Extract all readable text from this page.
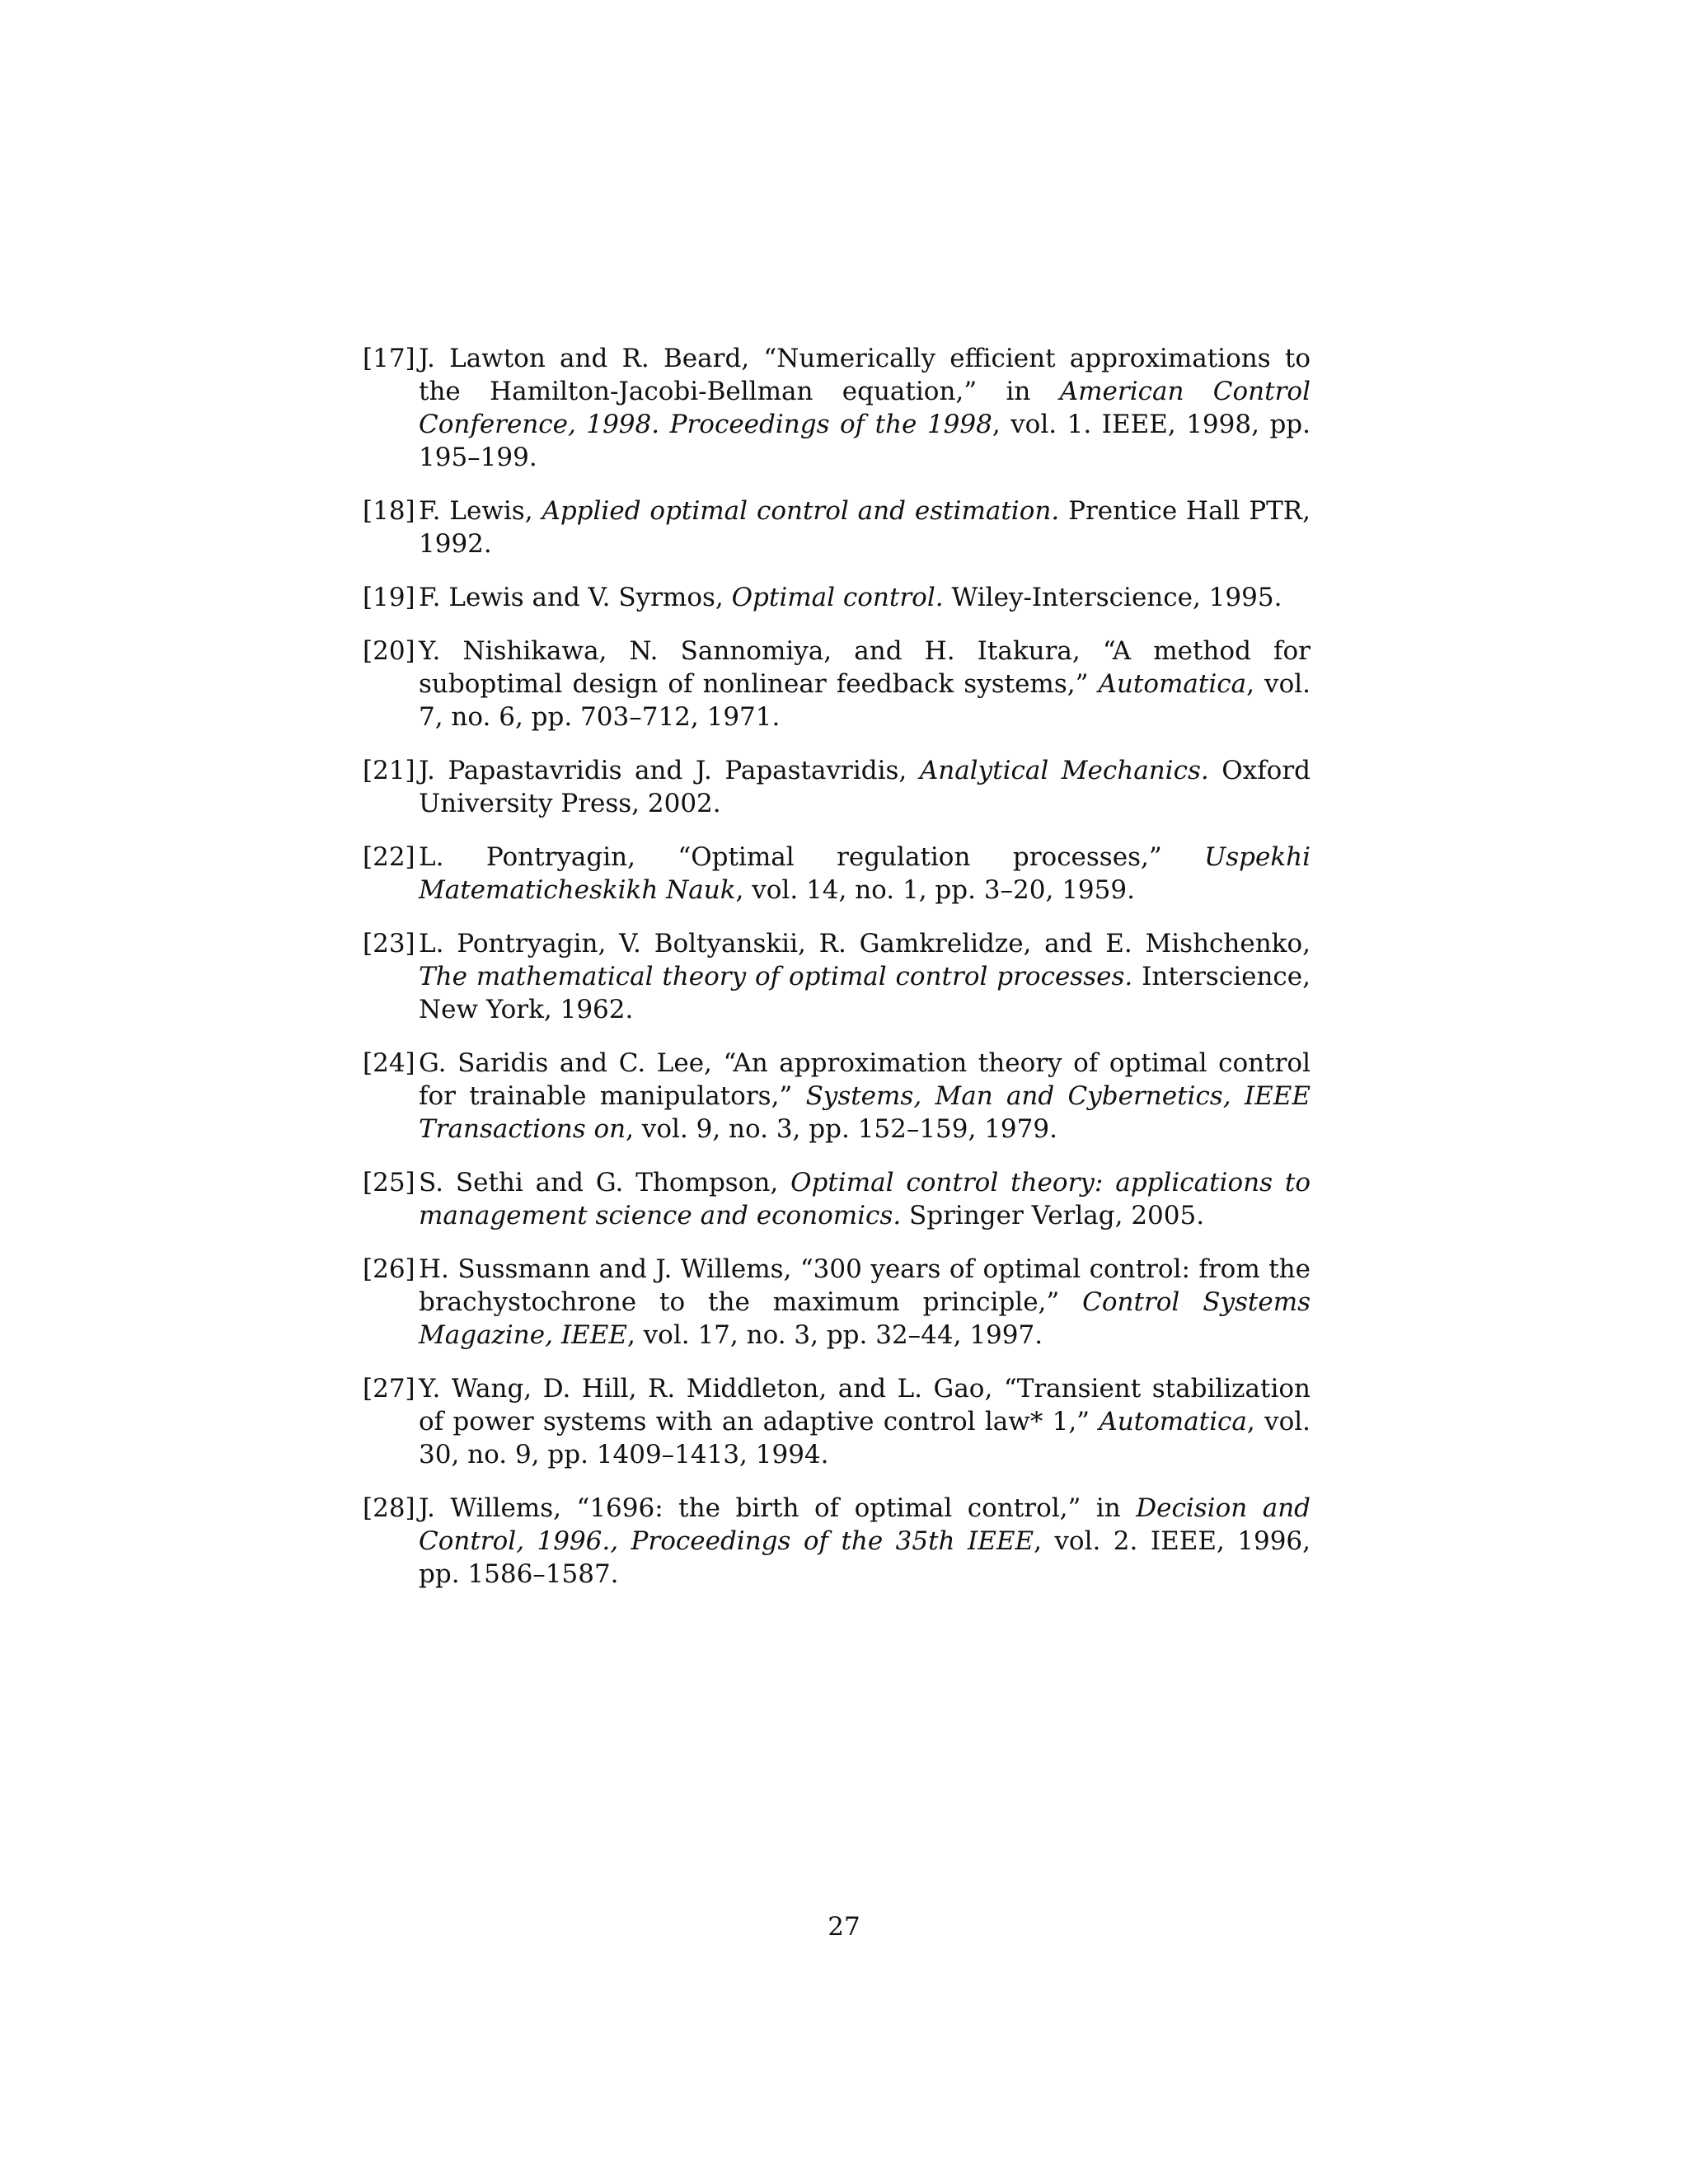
[17] J. Lawton and R. Beard, “Numerically efficient approximations to the Hamilton-Jacobi-Bellman equation,” in American Control Conference, 1998. Proceedings of the 1998, vol. 1. IEEE, 1998, pp. 195–199.
[18] F. Lewis, Applied optimal control and estimation. Prentice Hall PTR, 1992.
[19] F. Lewis and V. Syrmos, Optimal control. Wiley-Interscience, 1995.
[20] Y. Nishikawa, N. Sannomiya, and H. Itakura, “A method for suboptimal design of nonlinear feedback systems,” Automatica, vol. 7, no. 6, pp. 703–712, 1971.
[21] J. Papastavridis and J. Papastavridis, Analytical Mechanics. Oxford University Press, 2002.
[22] L. Pontryagin, “Optimal regulation processes,” Uspekhi Matematicheskikh Nauk, vol. 14, no. 1, pp. 3–20, 1959.
[23] L. Pontryagin, V. Boltyanskii, R. Gamkrelidze, and E. Mishchenko, The mathematical theory of optimal control processes. Interscience, New York, 1962.
[24] G. Saridis and C. Lee, “An approximation theory of optimal control for trainable manipulators,” Systems, Man and Cybernetics, IEEE Transactions on, vol. 9, no. 3, pp. 152–159, 1979.
[25] S. Sethi and G. Thompson, Optimal control theory: applications to management science and economics. Springer Verlag, 2005.
[26] H. Sussmann and J. Willems, “300 years of optimal control: from the brachystochrone to the maximum principle,” Control Systems Magazine, IEEE, vol. 17, no. 3, pp. 32–44, 1997.
[27] Y. Wang, D. Hill, R. Middleton, and L. Gao, “Transient stabilization of power systems with an adaptive control law* 1,” Automatica, vol. 30, no. 9, pp. 1409–1413, 1994.
[28] J. Willems, “1696: the birth of optimal control,” in Decision and Control, 1996., Proceedings of the 35th IEEE, vol. 2. IEEE, 1996, pp. 1586–1587.
27
